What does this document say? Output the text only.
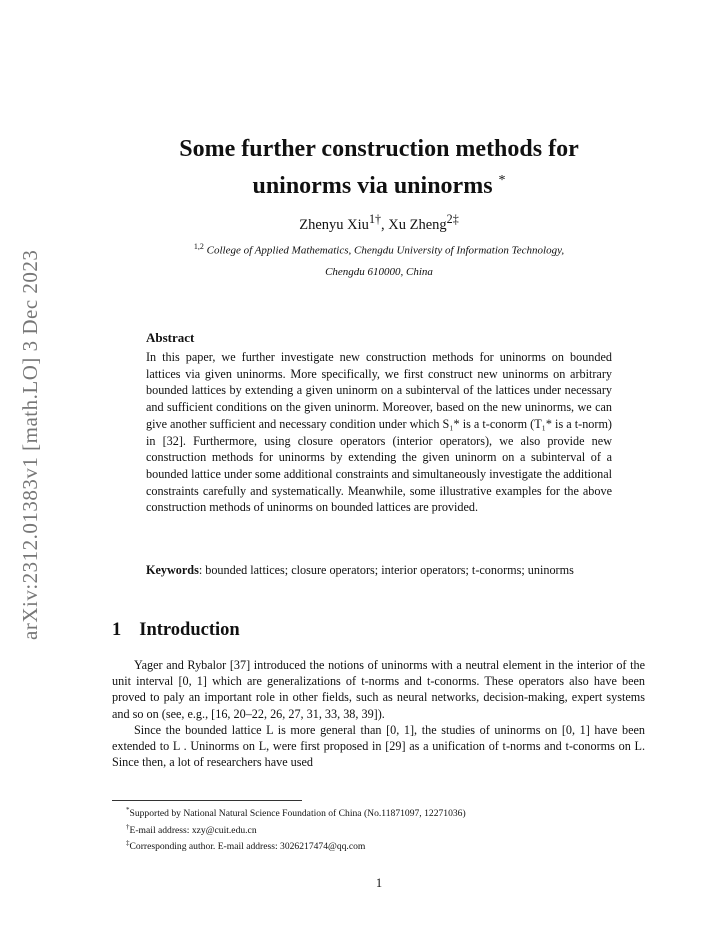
arXiv:2312.01383v1 [math.LO] 3 Dec 2023
Some further construction methods for
uninorms via uninorms *
Zhenyu Xiu$^{1\dagger}$, Xu Zheng$^{2\ddagger}$
$^{1,2}$ College of Applied Mathematics, Chengdu University of Information Technology,
Chengdu 610000, China
Abstract
In this paper, we further investigate new construction methods for uninorms on bounded lattices via given uninorms. More specifically, we first construct new uninorms on arbitrary bounded lattices by extending a given uninorm on a subinterval of the lattices under necessary and sufficient conditions on the given uninorm. Moreover, based on the new uninorms, we can give another sufficient and necessary condition under which S₁* is a t-conorm (T₁* is a t-norm) in [32]. Furthermore, using closure operators (interior operators), we also provide new construction methods for uninorms by extending the given uninorm on a subinterval of a bounded lattice under some additional constraints and simultaneously investigate the additional constraints carefully and systematically. Meanwhile, some illustrative examples for the above construction methods of uninorms on bounded lattices are provided.
Keywords: bounded lattices; closure operators; interior operators; t-conorms; uninorms
1 Introduction

Yager and Rybalor [37] introduced the notions of uninorms with a neutral element in the interior of the unit interval [0, 1] which are generalizations of t-norms and t-conorms. These operators also have been proved to paly an important role in other fields, such as neural networks, decision-making, expert systems and so on (see, e.g., [16, 20–22, 26, 27, 31, 33, 38, 39]).

Since the bounded lattice L is more general than [0, 1], the studies of uninorms on [0, 1] have been extended to L . Uninorms on L, were first proposed in [29] as a unification of t-norms and t-conorms on L. Since then, a lot of researchers have used

*Supported by National Natural Science Foundation of China (No.11871097, 12271036)
†E-mail address: xzy@cuit.edu.cn
‡Corresponding author. E-mail address: 3026217474@qq.com
1
